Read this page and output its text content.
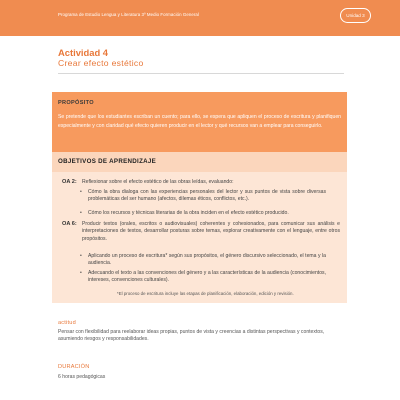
Programa de Estudio Lengua y Literatura 3º Medio Formación General	Unidad 3
Actividad 4
Crear efecto estético
PROPÓSITO
Se pretende que los estudiantes escriban un cuento; para ello, se espera que apliquen el proceso de escritura y planifiquen especialmente y con claridad qué efecto quieren producir en el lector y qué recursos van a emplear para conseguirlo.
OBJETIVOS DE APRENDIZAJE
OA 2: Reflexionar sobre el efecto estético de las obras leídas, evaluando:
• Cómo la obra dialoga con las experiencias personales del lector y sus puntos de vista sobre diversas problemáticas del ser humano (afectos, dilemas éticos, conflictos, etc.).
• Cómo los recursos y técnicas literarias de la obra inciden en el efecto estético producido.
OA 6: Producir textos (orales, escritos o audiovisuales) coherentes y cohesionados, para comunicar sus análisis e interpretaciones de textos, desarrollar posturas sobre temas, explorar creativamente con el lenguaje, entre otros propósitos.
• Aplicando un proceso de escritura* según sus propósitos, el género discursivo seleccionado, el tema y la audiencia.
• Adecuando el texto a las convenciones del género y a las características de la audiencia (conocimientos, intereses, convenciones culturales).
*El proceso de escritura incluye las etapas de planificación, elaboración, edición y revisión.
actitud
Pensar con flexibilidad para reelaborar ideas propias, puntos de vista y creencias a distintas perspectivas y contextos, asumiendo riesgos y responsabilidades.
DURACIÓN
6 horas pedagógicas
